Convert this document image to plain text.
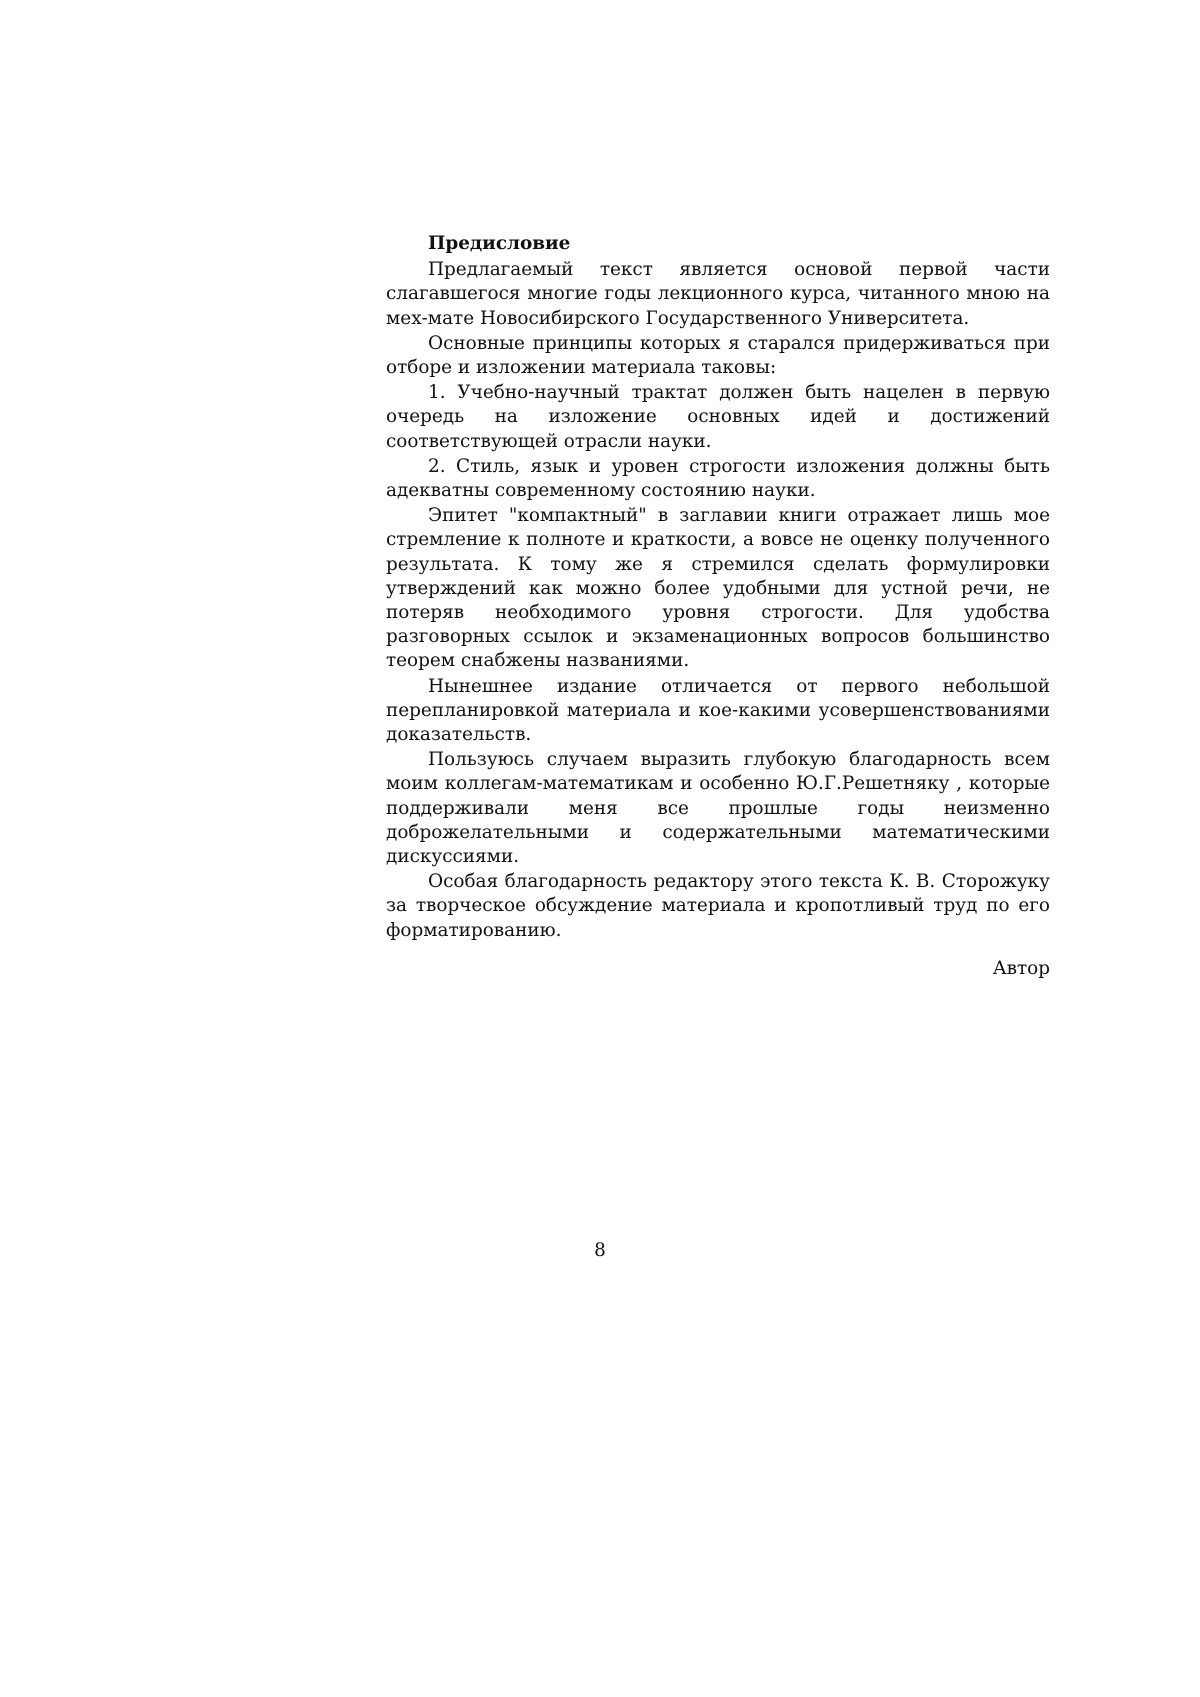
Предисловие

Предлагаемый текст является основой первой части слагавшегося многие годы лекционного курса, читанного мною на мех-мате Новосибирского Государственного Университета.

Основные принципы которых я старался придерживаться при отборе и изложении материала таковы:

1. Учебно-научный трактат должен быть нацелен в первую очередь на изложение основных идей и достижений соответствующей отрасли науки.

2. Стиль, язык и уровен строгости изложения должны быть адекватны современному состоянию науки.

Эпитет "компактный" в заглавии книги отражает лишь мое стремление к полноте и краткости, а вовсе не оценку полученного результата. К тому же я стремился сделать формулировки утверждений как можно более удобными для устной речи, не потеряв необходимого уровня строгости. Для удобства разговорных ссылок и экзаменационных вопросов большинство теорем снабжены названиями.

Нынешнее издание отличается от первого небольшой перепланировкой материала и кое-какими усовершенствованиями доказательств.

Пользуюсь случаем выразить глубокую благодарность всем моим коллегам-математикам и особенно Ю.Г.Решетняку , которые поддерживали меня все прошлые годы неизменно доброжелательными и содержательными математическими дискуссиями.

Особая благодарность редактору этого текста К. В. Сторожуку за творческое обсуждение материала и кропотливый труд по его форматированию.

Автор
8
